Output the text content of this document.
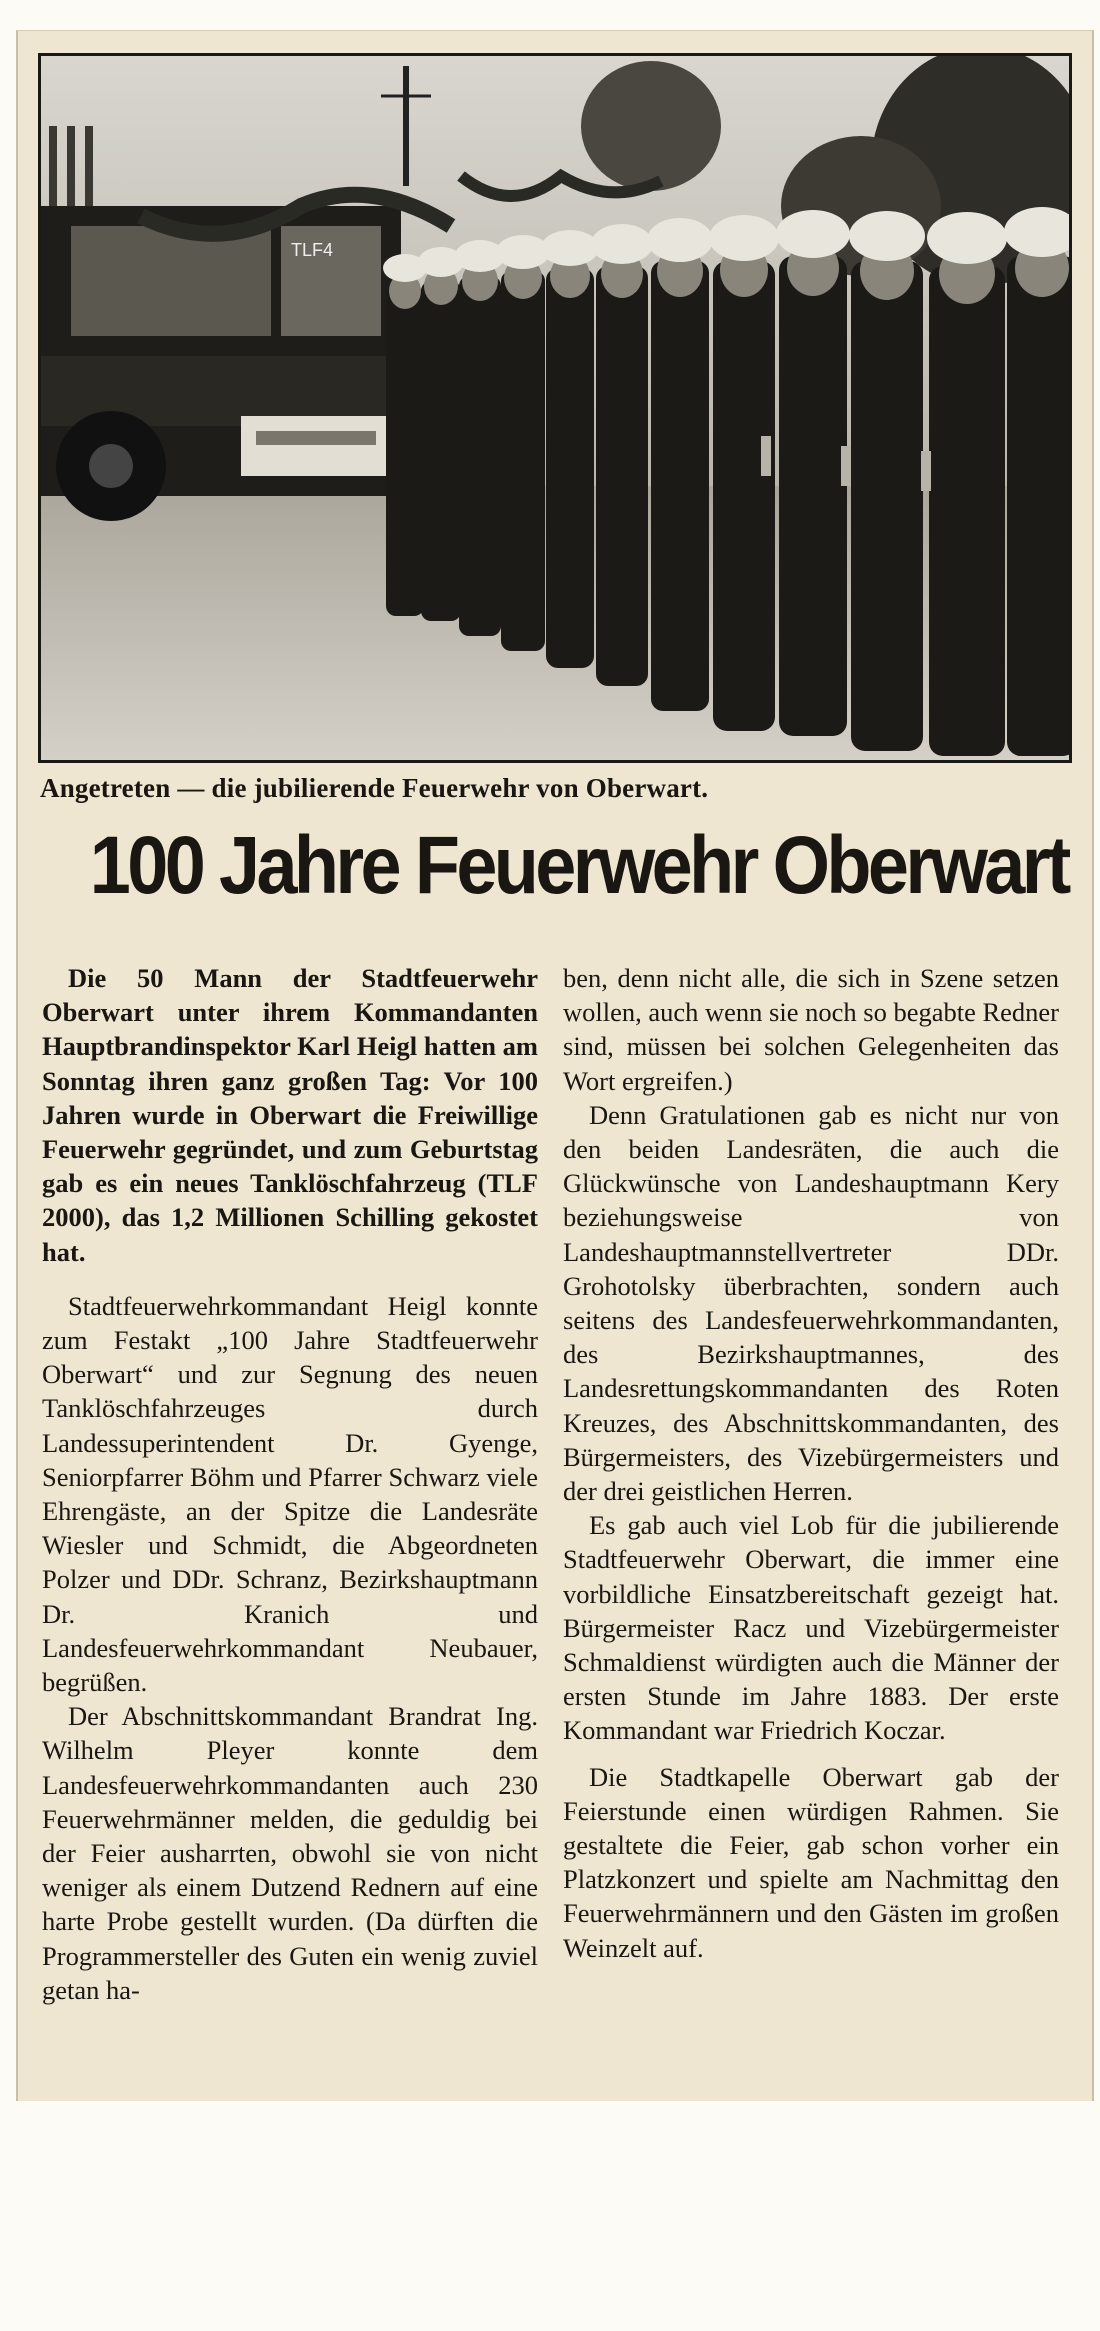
TLF4
Angetreten — die jubilierende Feuerwehr von Oberwart.
100 Jahre Feuerwehr Oberwart

Die 50 Mann der Stadtfeuerwehr Oberwart unter ihrem Kommandanten Hauptbrandinspektor Karl Heigl hatten am Sonntag ihren ganz großen Tag: Vor 100 Jahren wurde in Oberwart die Freiwillige Feuerwehr gegründet, und zum Geburtstag gab es ein neues Tanklöschfahrzeug (TLF 2000), das 1,2 Millionen Schilling gekostet hat.

Stadtfeuerwehrkommandant Heigl konnte zum Festakt „100 Jahre Stadtfeuerwehr Oberwart“ und zur Segnung des neuen Tanklöschfahrzeuges durch Landessuperintendent Dr. Gyenge, Seniorpfarrer Böhm und Pfarrer Schwarz viele Ehrengäste, an der Spitze die Landesräte Wiesler und Schmidt, die Abgeordneten Polzer und DDr. Schranz, Bezirkshauptmann Dr. Kranich und Landesfeuerwehrkommandant Neubauer, begrüßen.

Der Abschnittskommandant Brandrat Ing. Wilhelm Pleyer konnte dem Landesfeuerwehrkommandanten auch 230 Feuerwehrmänner melden, die geduldig bei der Feier ausharrten, obwohl sie von nicht weniger als einem Dutzend Rednern auf eine harte Probe gestellt wurden. (Da dürften die Programmersteller des Guten ein wenig zuviel getan ha-

ben, denn nicht alle, die sich in Szene setzen wollen, auch wenn sie noch so begabte Redner sind, müssen bei solchen Gelegenheiten das Wort ergreifen.)

Denn Gratulationen gab es nicht nur von den beiden Landesräten, die auch die Glückwünsche von Landeshauptmann Kery beziehungsweise von Landeshauptmannstellvertreter DDr. Grohotolsky überbrachten, sondern auch seitens des Landesfeuerwehrkommandanten, des Bezirkshauptmannes, des Landesrettungskommandanten des Roten Kreuzes, des Abschnittskommandanten, des Bürgermeisters, des Vizebürgermeisters und der drei geistlichen Herren.

Es gab auch viel Lob für die jubilierende Stadtfeuerwehr Oberwart, die immer eine vorbildliche Einsatzbereitschaft gezeigt hat. Bürgermeister Racz und Vizebürgermeister Schmaldienst würdigten auch die Männer der ersten Stunde im Jahre 1883. Der erste Kommandant war Friedrich Koczar.

Die Stadtkapelle Oberwart gab der Feierstunde einen würdigen Rahmen. Sie gestaltete die Feier, gab schon vorher ein Platzkonzert und spielte am Nachmittag den Feuerwehrmännern und den Gästen im großen Weinzelt auf.
